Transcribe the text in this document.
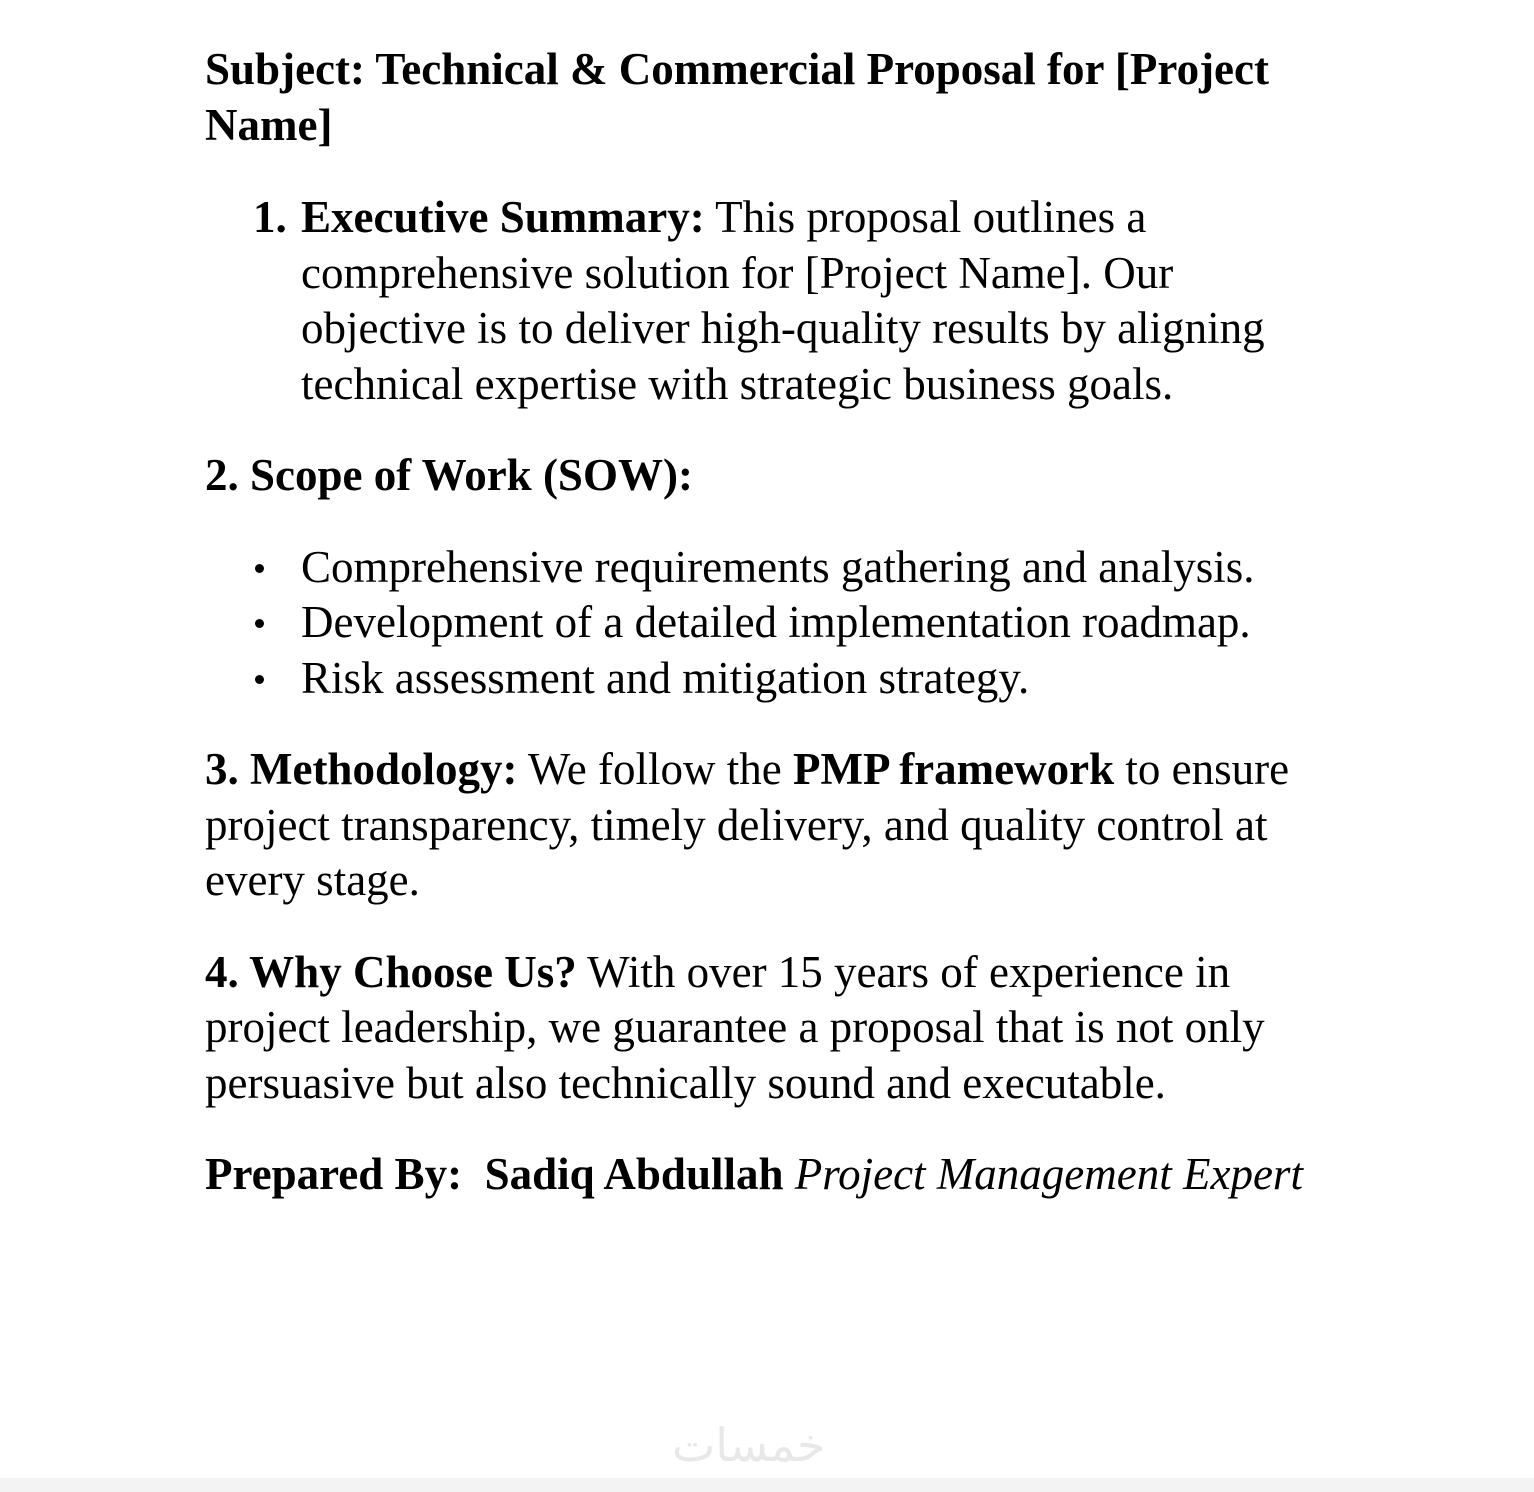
Subject: Technical & Commercial Proposal for [Project Name]

1. Executive Summary: This proposal outlines a comprehensive solution for [Project Name]. Our objective is to deliver high-quality results by aligning technical expertise with strategic business goals.

2. Scope of Work (SOW):

Comprehensive requirements gathering and analysis.
Development of a detailed implementation roadmap.
Risk assessment and mitigation strategy.

3. Methodology: We follow the PMP framework to ensure project transparency, timely delivery, and quality control at every stage.

4. Why Choose Us? With over 15 years of experience in project leadership, we guarantee a proposal that is not only persuasive but also technically sound and executable.

Prepared By: Sadiq Abdullah Project Management Expert

خمسات
